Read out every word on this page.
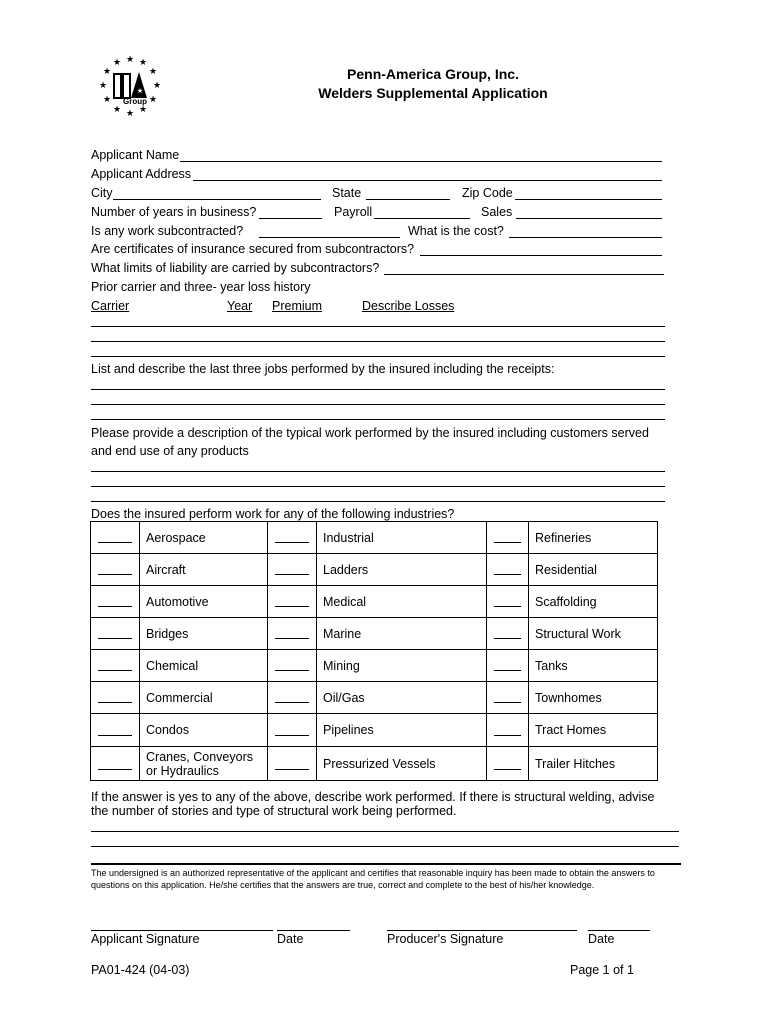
★ ★
★
★
★
★
★
★
★
★
★
★
★
Group
Penn-America Group, Inc.
Welders Supplemental Application
Applicant Name
Applicant Address
City	State	Zip Code
Number of years in business?	Payroll	Sales
Is any work subcontracted?	What is the cost?
Are certificates of insurance secured from subcontractors?
What limits of liability are carried by subcontractors?
Prior carrier and three- year loss history
Carrier	Year Premium	Describe Losses
List and describe the last three jobs performed by the insured including the receipts:
Please provide a description of the typical work performed by the insured including customers served
and end use of any products
Does the insured perform work for any of the following industries?
	Aerospace		Industrial		Refineries

	Aircraft		Ladders		Residential

	Automotive		Medical		Scaffolding

	Bridges		Marine		Structural Work

	Chemical		Mining		Tanks

	Commercial		Oil/Gas		Townhomes

	Condos		Pipelines		Tract Homes

	Cranes, Conveyors
or Hydraulics		Pressurized Vessels		Trailer Hitches
If the answer is yes to any of the above, describe work performed. If there is structural welding, advise
the number of stories and type of structural work being performed.
The undersigned is an authorized representative of the applicant and certifies that reasonable inquiry has been made to obtain the answers to questions on this application. He/she certifies that the answers are true, correct and complete to the best of his/her knowledge.
Applicant Signature	Date	Producer's Signature	Date
PA01-424 (04-03)	Page 1 of 1
